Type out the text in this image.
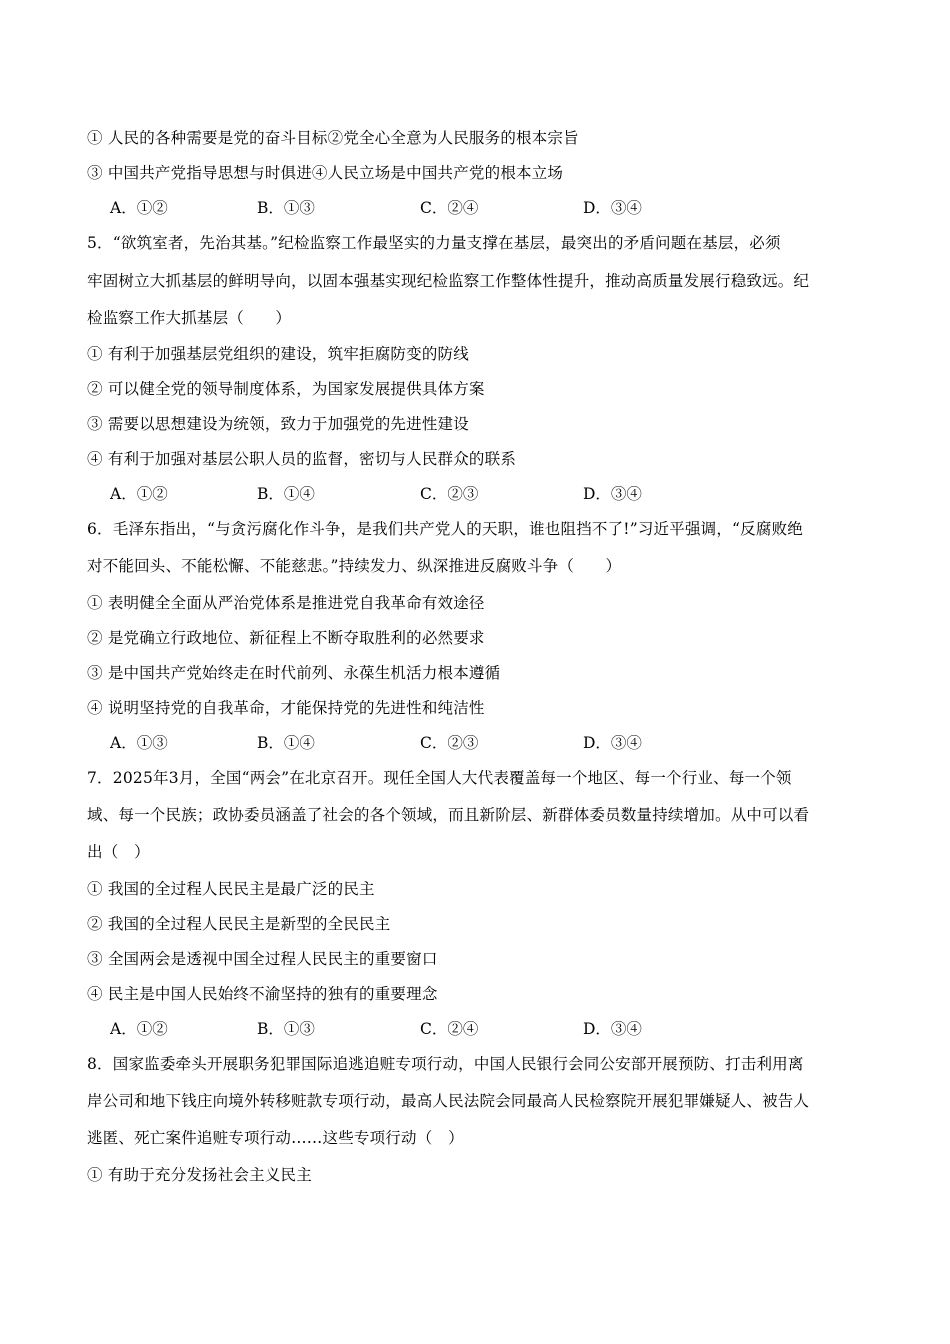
① 人民的各种需要是党的奋斗目标②党全心全意为人民服务的根本宗旨
③ 中国共产党指导思想与时俱进④人民立场是中国共产党的根本立场
A．①②	B．①③	C．②④	D．③④
5．“欲筑室者，先治其基。”纪检监察工作最坚实的力量支撑在基层，最突出的矛盾问题在基层，必须
牢固树立大抓基层的鲜明导向，以固本强基实现纪检监察工作整体性提升，推动高质量发展行稳致远。纪
检监察工作大抓基层（　　）
① 有利于加强基层党组织的建设，筑牢拒腐防变的防线
② 可以健全党的领导制度体系，为国家发展提供具体方案
③ 需要以思想建设为统领，致力于加强党的先进性建设
④ 有利于加强对基层公职人员的监督，密切与人民群众的联系
A．①②	B．①④	C．②③	D．③④
6．毛泽东指出，“与贪污腐化作斗争，是我们共产党人的天职，谁也阻挡不了!”习近平强调，“反腐败绝
对不能回头、不能松懈、不能慈悲。”持续发力、纵深推进反腐败斗争（　　）
① 表明健全全面从严治党体系是推进党自我革命有效途径
② 是党确立行政地位、新征程上不断夺取胜利的必然要求
③ 是中国共产党始终走在时代前列、永葆生机活力根本遵循
④ 说明坚持党的自我革命，才能保持党的先进性和纯洁性
A．①③	B．①④	C．②③	D．③④
7．2025年3月，全国“两会”在北京召开。现任全国人大代表覆盖每一个地区、每一个行业、每一个领
域、每一个民族；政协委员涵盖了社会的各个领域，而且新阶层、新群体委员数量持续增加。从中可以看
出（　）
① 我国的全过程人民民主是最广泛的民主
② 我国的全过程人民民主是新型的全民民主
③ 全国两会是透视中国全过程人民民主的重要窗口
④ 民主是中国人民始终不渝坚持的独有的重要理念
A．①②	B．①③	C．②④	D．③④
8．国家监委牵头开展职务犯罪国际追逃追赃专项行动，中国人民银行会同公安部开展预防、打击利用离
岸公司和地下钱庄向境外转移赃款专项行动，最高人民法院会同最高人民检察院开展犯罪嫌疑人、被告人
逃匿、死亡案件追赃专项行动……这些专项行动（　）
① 有助于充分发扬社会主义民主
